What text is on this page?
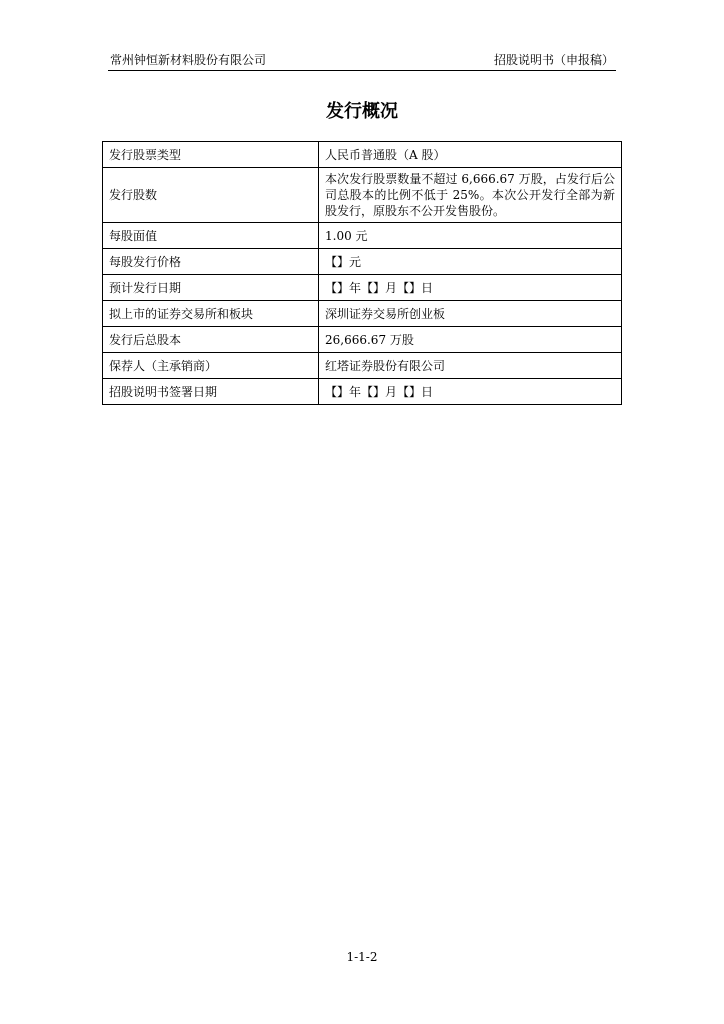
常州钟恒新材料股份有限公司	招股说明书（申报稿）
发行概况
发行股票类型	人民币普通股（A 股）
发行股数	本次发行股票数量不超过 6,666.67 万股，占发行后公司总股本的比例不低于 25%。本次公开发行全部为新股发行，原股东不公开发售股份。
每股面值	1.00 元
每股发行价格	【】元
预计发行日期	【】年【】月【】日
拟上市的证券交易所和板块	深圳证券交易所创业板
发行后总股本	26,666.67 万股
保荐人（主承销商）	红塔证券股份有限公司
招股说明书签署日期	【】年【】月【】日
1-1-2
